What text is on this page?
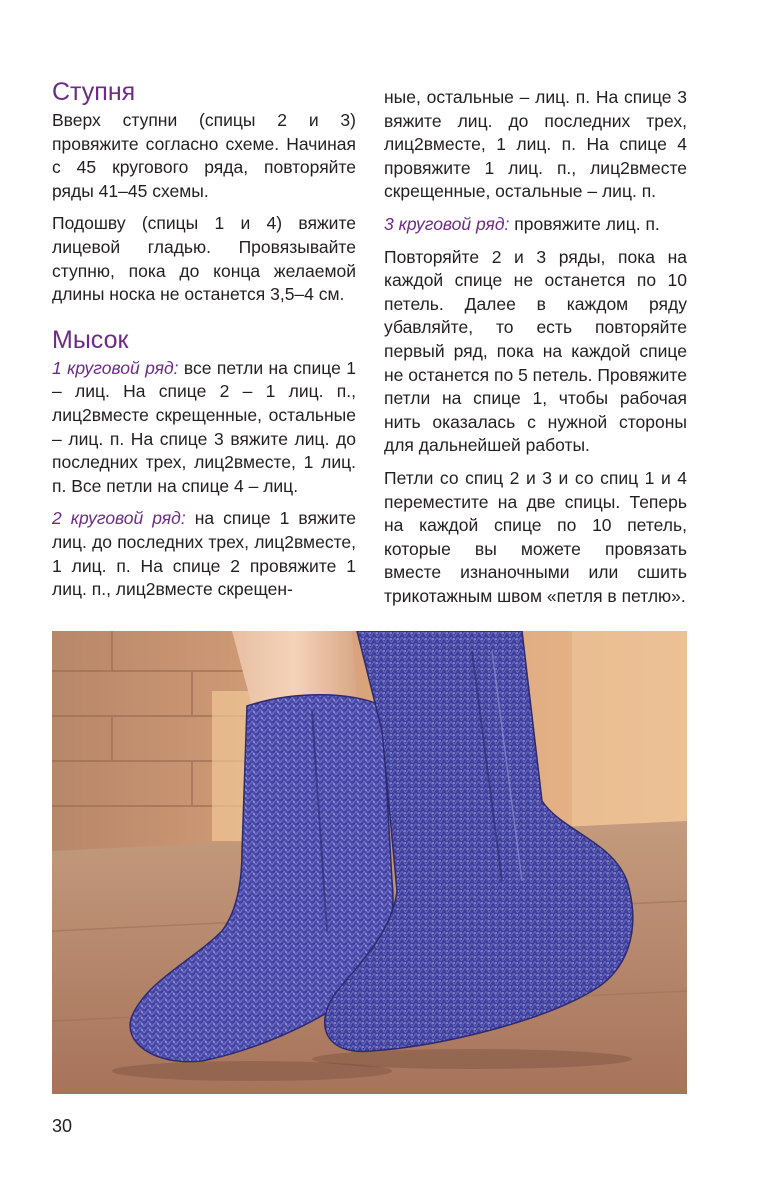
Ступня

Вверх ступни (спицы 2 и 3) провяжите согласно схеме. Начиная с 45 кругового ряда, повторяйте ряды 41–45 схемы.

Подошву (спицы 1 и 4) вяжите лицевой гладью. Провязывайте ступню, пока до конца желаемой длины носка не останется 3,5–4 см.

Мысок

1 круговой ряд: все петли на спице 1 – лиц. На спице 2 – 1 лиц. п., лиц2вместе скрещенные, остальные – лиц. п. На спице 3 вяжите лиц. до последних трех, лиц2вместе, 1 лиц. п. Все петли на спице 4 – лиц.

2 круговой ряд: на спице 1 вяжите лиц. до последних трех, лиц2вместе, 1 лиц. п. На спице 2 провяжите 1 лиц. п., лиц2вместе скрещен-

ные, остальные – лиц. п. На спице 3 вяжите лиц. до последних трех, лиц2вместе, 1 лиц. п. На спице 4 провяжите 1 лиц. п., лиц2вместе скрещенные, остальные – лиц. п.

3 круговой ряд: провяжите лиц. п.

Повторяйте 2 и 3 ряды, пока на каждой спице не останется по 10 петель. Далее в каждом ряду убавляйте, то есть повторяйте первый ряд, пока на каждой спице не останется по 5 петель. Провяжите петли на спице 1, чтобы рабочая нить оказалась с нужной стороны для дальнейшей работы.

Петли со спиц 2 и 3 и со спиц 1 и 4 переместите на две спицы. Теперь на каждой спице по 10 петель, которые вы можете провязать вместе изнаночными или сшить трикотажным швом «петля в петлю».

30
